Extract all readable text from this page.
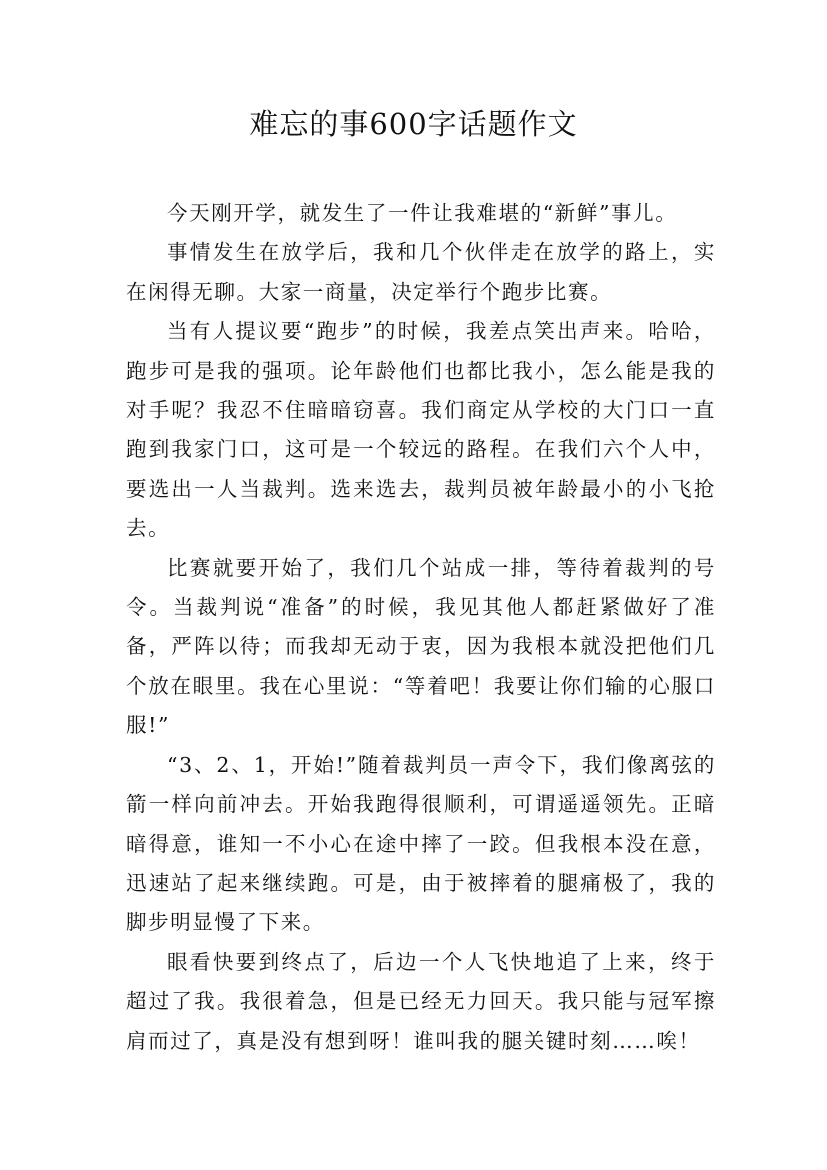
难忘的事600字话题作文

今天刚开学，就发生了一件让我难堪的“新鲜”事儿。

事情发生在放学后，我和几个伙伴走在放学的路上，实在闲得无聊。大家一商量，决定举行个跑步比赛。

当有人提议要“跑步”的时候，我差点笑出声来。哈哈，跑步可是我的强项。论年龄他们也都比我小，怎么能是我的对手呢？我忍不住暗暗窃喜。我们商定从学校的大门口一直跑到我家门口，这可是一个较远的路程。在我们六个人中，要选出一人当裁判。选来选去，裁判员被年龄最小的小飞抢去。

比赛就要开始了，我们几个站成一排，等待着裁判的号令。当裁判说“准备”的时候，我见其他人都赶紧做好了准备，严阵以待；而我却无动于衷，因为我根本就没把他们几个放在眼里。我在心里说：“等着吧！我要让你们输的心服口服!”

“3、2、1，开始!”随着裁判员一声令下，我们像离弦的箭一样向前冲去。开始我跑得很顺利，可谓遥遥领先。正暗暗得意，谁知一不小心在途中摔了一跤。但我根本没在意，迅速站了起来继续跑。可是，由于被摔着的腿痛极了，我的脚步明显慢了下来。

眼看快要到终点了，后边一个人飞快地追了上来，终于超过了我。我很着急，但是已经无力回天。我只能与冠军擦肩而过了，真是没有想到呀！谁叫我的腿关键时刻……唉！
